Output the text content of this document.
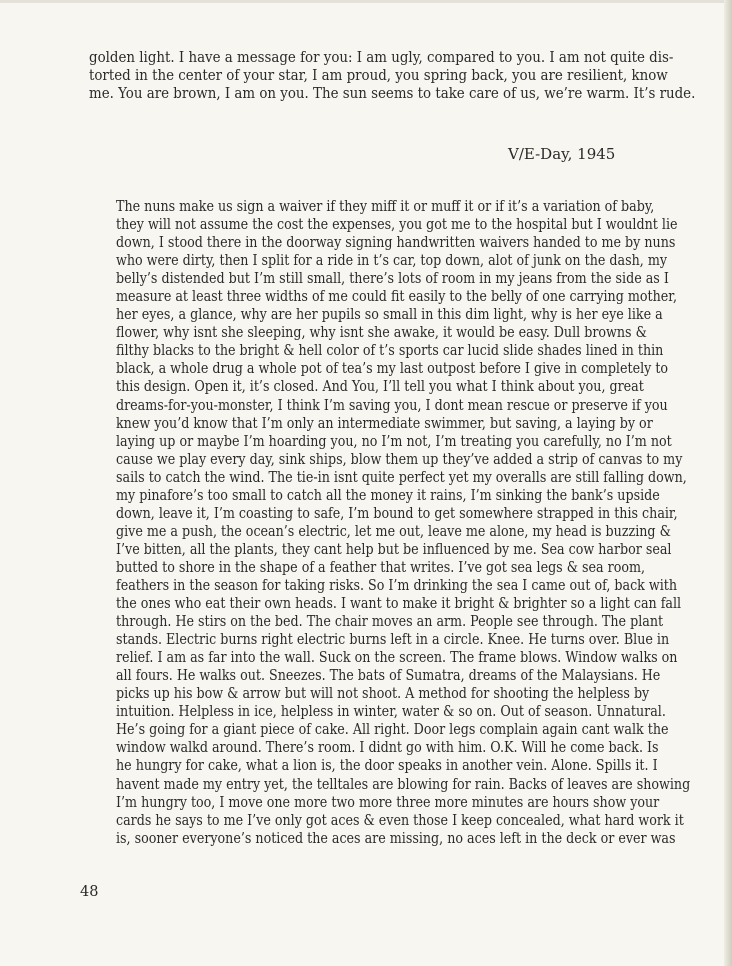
golden light. I have a message for you: I am ugly, compared to you. I am not quite dis-
torted in the center of your star, I am proud, you spring back, you are resilient, know
me. You are brown, I am on you. The sun seems to take care of us, we’re warm. It’s rude.
V/E-Day, 1945
The nuns make us sign a waiver if they miff it or muff it or if it’s a variation of baby,
they will not assume the cost the expenses, you got me to the hospital but I wouldnt lie
down, I stood there in the doorway signing handwritten waivers handed to me by nuns
who were dirty, then I split for a ride in t’s car, top down, alot of junk on the dash, my
belly’s distended but I’m still small, there’s lots of room in my jeans from the side as I
measure at least three widths of me could fit easily to the belly of one carrying mother,
her eyes, a glance, why are her pupils so small in this dim light, why is her eye like a
flower, why isnt she sleeping, why isnt she awake, it would be easy. Dull browns &
filthy blacks to the bright & hell color of t’s sports car lucid slide shades lined in thin
black, a whole drug a whole pot of tea’s my last outpost before I give in completely to
this design. Open it, it’s closed. And You, I’ll tell you what I think about you, great
dreams-for-you-monster, I think I’m saving you, I dont mean rescue or preserve if you
knew you’d know that I’m only an intermediate swimmer, but saving, a laying by or
laying up or maybe I’m hoarding you, no I’m not, I’m treating you carefully, no I’m not
cause we play every day, sink ships, blow them up they’ve added a strip of canvas to my
sails to catch the wind. The tie-in isnt quite perfect yet my overalls are still falling down,
my pinafore’s too small to catch all the money it rains, I’m sinking the bank’s upside
down, leave it, I’m coasting to safe, I’m bound to get somewhere strapped in this chair,
give me a push, the ocean’s electric, let me out, leave me alone, my head is buzzing &
I’ve bitten, all the plants, they cant help but be influenced by me. Sea cow harbor seal
butted to shore in the shape of a feather that writes. I’ve got sea legs & sea room,
feathers in the season for taking risks. So I’m drinking the sea I came out of, back with
the ones who eat their own heads. I want to make it bright & brighter so a light can fall
through. He stirs on the bed. The chair moves an arm. People see through. The plant
stands. Electric burns right electric burns left in a circle. Knee. He turns over. Blue in
relief. I am as far into the wall. Suck on the screen. The frame blows. Window walks on
all fours. He walks out. Sneezes. The bats of Sumatra, dreams of the Malaysians. He
picks up his bow & arrow but will not shoot. A method for shooting the helpless by
intuition. Helpless in ice, helpless in winter, water & so on. Out of season. Unnatural.
He’s going for a giant piece of cake. All right. Door legs complain again cant walk the
window walkd around. There’s room. I didnt go with him. O.K. Will he come back. Is
he hungry for cake, what a lion is, the door speaks in another vein. Alone. Spills it. I
havent made my entry yet, the telltales are blowing for rain. Backs of leaves are showing
I’m hungry too, I move one more two more three more minutes are hours show your
cards he says to me I’ve only got aces & even those I keep concealed, what hard work it
is, sooner everyone’s noticed the aces are missing, no aces left in the deck or ever was
48
